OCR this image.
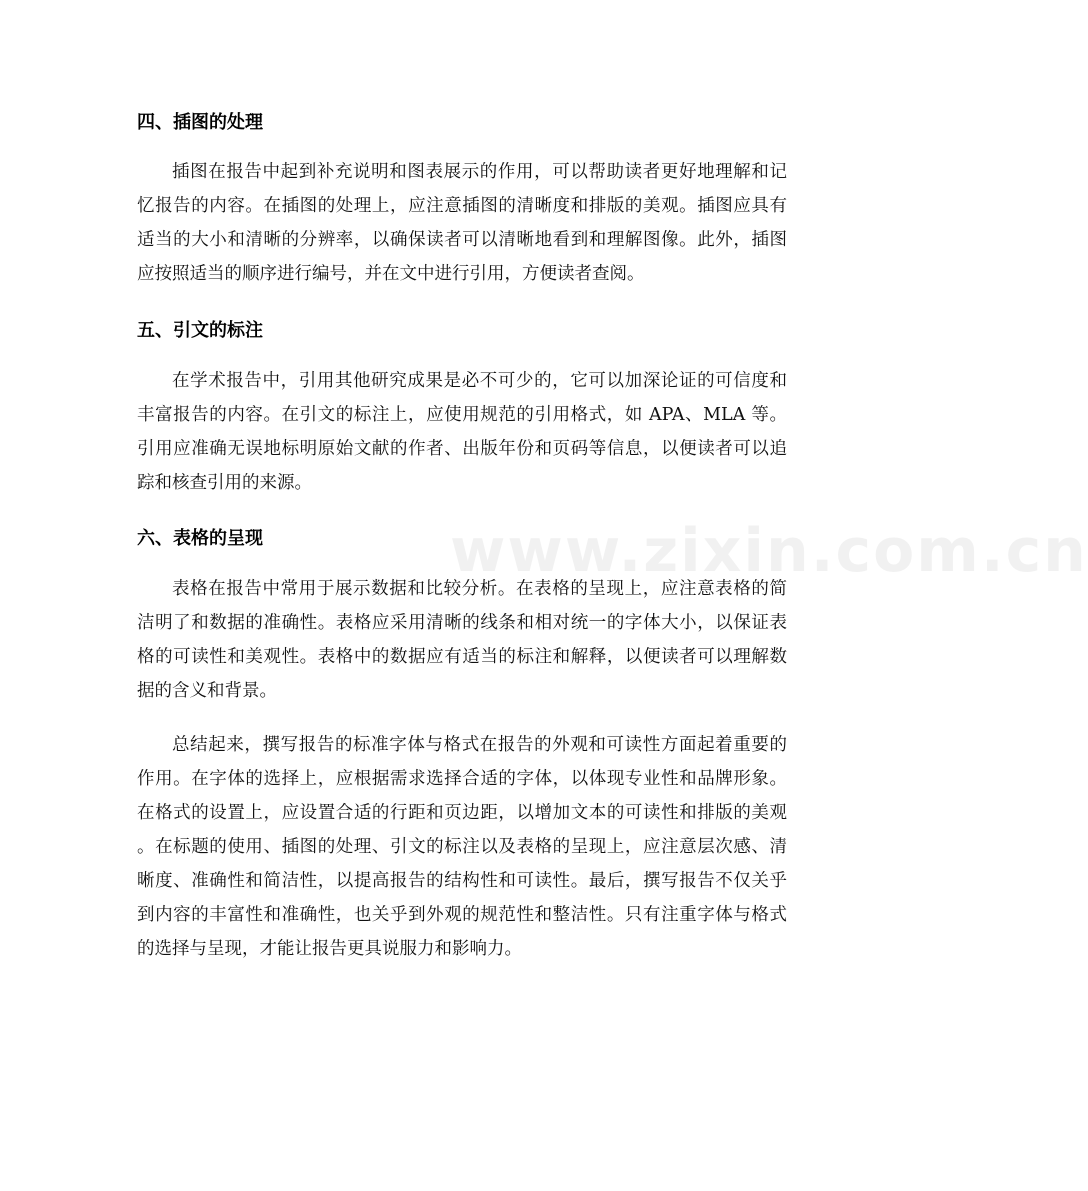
www.zixin.com.cn
四、插图的处理
插图在报告中起到补充说明和图表展示的作用，可以帮助读者更好地理解和记
忆报告的内容。在插图的处理上，应注意插图的清晰度和排版的美观。插图应具有
适当的大小和清晰的分辨率，以确保读者可以清晰地看到和理解图像。此外，插图
应按照适当的顺序进行编号，并在文中进行引用，方便读者查阅。
五、引文的标注
在学术报告中，引用其他研究成果是必不可少的，它可以加深论证的可信度和
丰富报告的内容。在引文的标注上，应使用规范的引用格式，如 APA、MLA 等。
引用应准确无误地标明原始文献的作者、出版年份和页码等信息，以便读者可以追
踪和核查引用的来源。
六、表格的呈现
表格在报告中常用于展示数据和比较分析。在表格的呈现上，应注意表格的简
洁明了和数据的准确性。表格应采用清晰的线条和相对统一的字体大小，以保证表
格的可读性和美观性。表格中的数据应有适当的标注和解释，以便读者可以理解数
据的含义和背景。
总结起来，撰写报告的标准字体与格式在报告的外观和可读性方面起着重要的
作用。在字体的选择上，应根据需求选择合适的字体，以体现专业性和品牌形象。
在格式的设置上，应设置合适的行距和页边距，以增加文本的可读性和排版的美观
。在标题的使用、插图的处理、引文的标注以及表格的呈现上，应注意层次感、清
晰度、准确性和简洁性，以提高报告的结构性和可读性。最后，撰写报告不仅关乎
到内容的丰富性和准确性，也关乎到外观的规范性和整洁性。只有注重字体与格式
的选择与呈现，才能让报告更具说服力和影响力。
